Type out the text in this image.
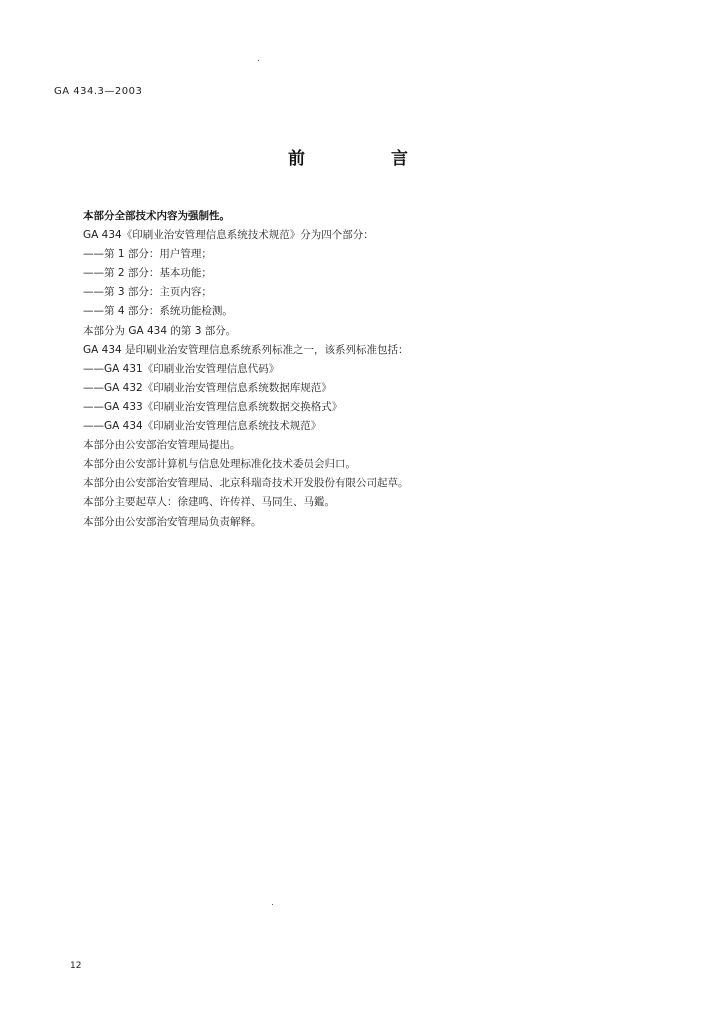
GA 434.3—2003
前 言
本部分全部技术内容为强制性。
GA 434《印刷业治安管理信息系统技术规范》分为四个部分：
——第 1 部分：用户管理；
——第 2 部分：基本功能；
——第 3 部分：主页内容；
——第 4 部分：系统功能检测。
本部分为 GA 434 的第 3 部分。
GA 434 是印刷业治安管理信息系统系列标准之一，该系列标准包括：
——GA 431《印刷业治安管理信息代码》
——GA 432《印刷业治安管理信息系统数据库规范》
——GA 433《印刷业治安管理信息系统数据交换格式》
——GA 434《印刷业治安管理信息系统技术规范》
本部分由公安部治安管理局提出。
本部分由公安部计算机与信息处理标准化技术委员会归口。
本部分由公安部治安管理局、北京科瑞奇技术开发股份有限公司起草。
本部分主要起草人：徐建鸣、许传祥、马同生、马鑑。
本部分由公安部治安管理局负责解释。
12
